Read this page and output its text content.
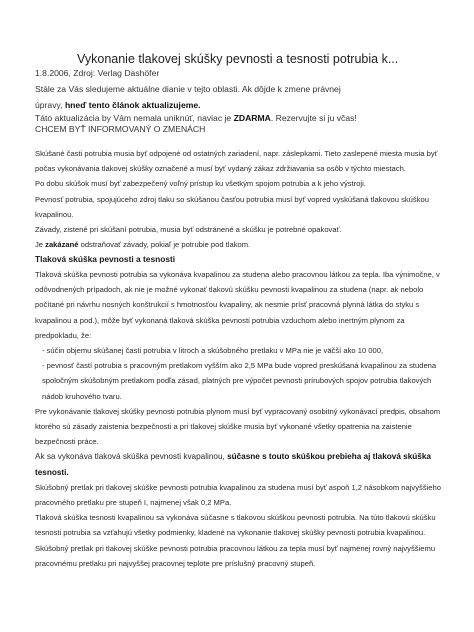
Vykonanie tlakovej skúšky pevnosti a tesnosti potrubia k...
1.8.2006, Zdroj: Verlag Dashöfer
Stále za Vás sledujeme aktuálne dianie v tejto oblasti. Ak dôjde k zmene právnej
úpravy, hneď tento článok aktualizujeme.
Táto aktualizácia by Vám nemala uniknúť, naviac je ZDARMA. Rezervujte si ju včas!
CHCEM BYŤ INFORMOVANÝ O ZMENÁCH

Skúšané časti potrubia musia byť odpojené od ostatných zariadení, napr. záslepkami. Tieto zaslepené miesta musia byť počas vykonávania tlakovej skúšky označené a musí byť vydaný zákaz zdržiavania sa osôb v týchto miestach.

Po dobu skúšok musí byť zabezpečený voľný prístup ku všetkým spojom potrubia a k jeho výstroji.

Pevnosť potrubia, spojujúceho zdroj tlaku so skúšanou časťou potrubia musí byť vopred vyskúšaná tlakovou skúškou kvapalinou.

Závady, zistené pri skúšaní potrubia, musia byť odstránené a skúšku je potrebné opakovať.

Je zakázané odstraňovať závady, pokiaľ je potrubie pod tlakom.

Tlaková skúška pevnosti a tesnosti

Tlaková skúška pevnosti potrubia sa vykonáva kvapalinou za studena alebo pracovnou látkou za tepla. Iba výnimočne, v odôvodnených prípadoch, ak nie je možné vykonať tlakovú skúšku pevnosti kvapalinou za studena (napr. ak nebolo počítané pri návrhu nosných konštrukcií s hmotnosťou kvapaliny, ak nesmie prísť pracovná plynná látka do styku s kvapalinou a pod.), môže byť vykonaná tlaková skúška pevnosti potrubia vzduchom alebo inertným plynom za predpokladu, že:

- súčin objemu skúšanej časti potrubia v litroch a skúšobného pretlaku v MPa nie je väčší ako 10 000,

- pevnosť častí potrubia s pracovným pretlakom vyšším ako 2,5 MPa bude vopred preskúšaná kvapalinou za studena spoločným skúšobným pretlakom podľa zásad, platných pre výpočet pevnosti prírubových spojov potrubia tlakových nádob kruhového tvaru.

Pre vykonávanie tlakovej skúšky pevnosti potrubia plynom musí byť vypracovaný osobitný vykonávací predpis, obsahom ktorého sú zásady zaistenia bezpečnosti a pri tlakovej skúške musia byť vykonané všetky opatrenia na zaistenie bezpečnosti práce.

Ak sa vykonáva tlaková skúška pevnosti kvapalinou, súčasne s touto skúškou prebieha aj tlaková skúška tesnosti.

Skúšobný pretlak pri tlakovej skúške pevnosti potrubia kvapalinou za studena musí byť aspoň 1,2 násobkom najvyššieho pracovného pretlaku pre stupeň I, najmenej však 0,2 MPa.

Tlaková skúška tesnosti kvapalinou sa vykonáva súčasne s tlakovou skúškou pevnosti potrubia. Na túto tlakovú skúšku tesnosti potrubia sa vzťahujú všetky podmienky, kladené na vykonanie tlakovej skúšky pevnosti potrubia kvapalinou.

Skúšobný pretlak pri tlakovej skúške pevnosti potrubia pracovnou látkou za tepla musí byť najmenej rovný najvyššiemu pracovnému pretlaku pri najvyššej pracovnej teplote pre príslušný pracovný stupeň.
